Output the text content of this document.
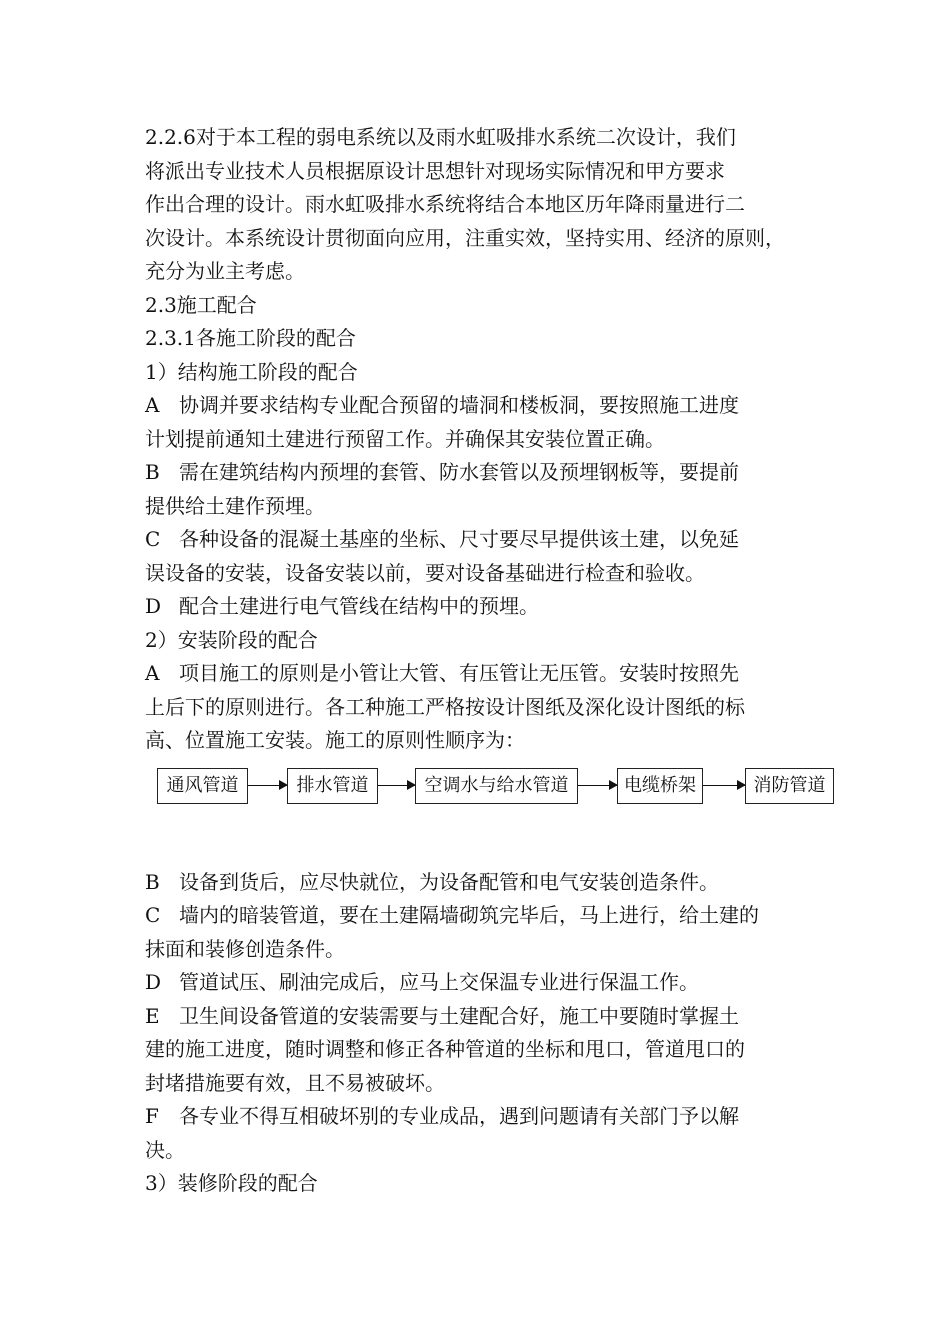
2.2.6对于本工程的弱电系统以及雨水虹吸排水系统二次设计，我们

将派出专业技术人员根据原设计思想针对现场实际情况和甲方要求

作出合理的设计。雨水虹吸排水系统将结合本地区历年降雨量进行二

次设计。本系统设计贯彻面向应用，注重实效，坚持实用、经济的原则，

充分为业主考虑。

2.3施工配合

2.3.1各施工阶段的配合

1）结构施工阶段的配合

A 协调并要求结构专业配合预留的墙洞和楼板洞，要按照施工进度

计划提前通知土建进行预留工作。并确保其安装位置正确。

B 需在建筑结构内预埋的套管、防水套管以及预埋钢板等，要提前

提供给土建作预埋。

C 各种设备的混凝土基座的坐标、尺寸要尽早提供该土建，以免延

误设备的安装，设备安装以前，要对设备基础进行检查和验收。

D 配合土建进行电气管线在结构中的预埋。

2）安装阶段的配合

A 项目施工的原则是小管让大管、有压管让无压管。安装时按照先

上后下的原则进行。各工种施工严格按设计图纸及深化设计图纸的标

高、位置施工安装。施工的原则性顺序为：

通风管道	排水管道	空调水与给水管道	电缆桥架	消防管道

B 设备到货后，应尽快就位，为设备配管和电气安装创造条件。

C 墙内的暗装管道，要在土建隔墙砌筑完毕后，马上进行，给土建的

抹面和装修创造条件。

D 管道试压、刷油完成后，应马上交保温专业进行保温工作。

E 卫生间设备管道的安装需要与土建配合好，施工中要随时掌握土

建的施工进度，随时调整和修正各种管道的坐标和甩口，管道甩口的

封堵措施要有效，且不易被破坏。

F 各专业不得互相破坏别的专业成品，遇到问题请有关部门予以解

决。

3）装修阶段的配合
